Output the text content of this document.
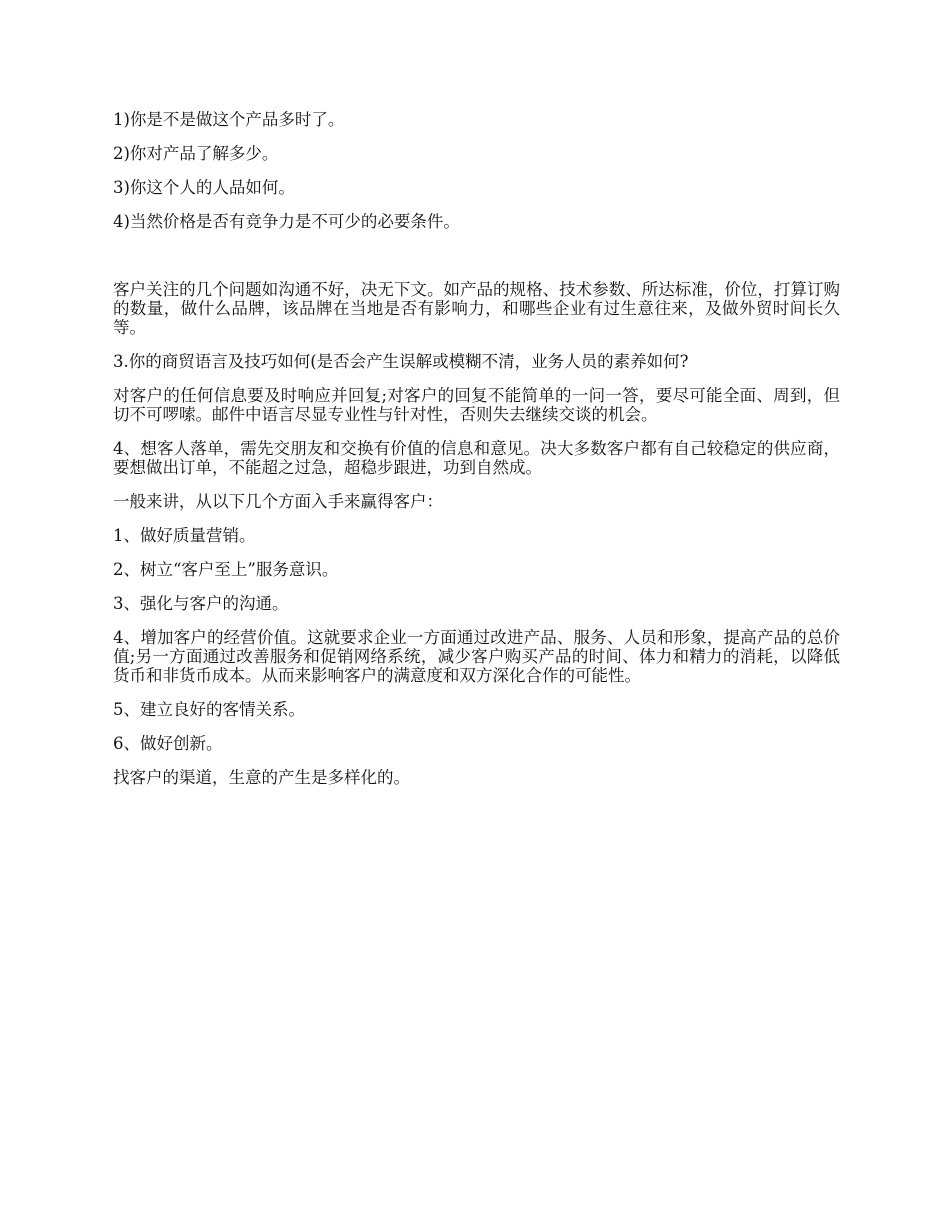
1)你是不是做这个产品多时了。

2)你对产品了解多少。

3)你这个人的人品如何。

4)当然价格是否有竞争力是不可少的必要条件。

客户关注的几个问题如沟通不好，决无下文。如产品的规格、技术参数、所达标准，价位，打算订购的数量，做什么品牌，该品牌在当地是否有影响力，和哪些企业有过生意往来，及做外贸时间长久等。

3.你的商贸语言及技巧如何(是否会产生误解或模糊不清，业务人员的素养如何?

对客户的任何信息要及时响应并回复;对客户的回复不能简单的一问一答，要尽可能全面、周到，但切不可啰嗦。邮件中语言尽显专业性与针对性，否则失去继续交谈的机会。

4、想客人落单，需先交朋友和交换有价值的信息和意见。决大多数客户都有自己较稳定的供应商，要想做出订单，不能超之过急，超稳步跟进，功到自然成。

一般来讲，从以下几个方面入手来赢得客户：

1、做好质量营销。

2、树立“客户至上”服务意识。

3、强化与客户的沟通。

4、增加客户的经营价值。这就要求企业一方面通过改进产品、服务、人员和形象，提高产品的总价值;另一方面通过改善服务和促销网络系统，减少客户购买产品的时间、体力和精力的消耗，以降低货币和非货币成本。从而来影响客户的满意度和双方深化合作的可能性。

5、建立良好的客情关系。

6、做好创新。

找客户的渠道，生意的产生是多样化的。
